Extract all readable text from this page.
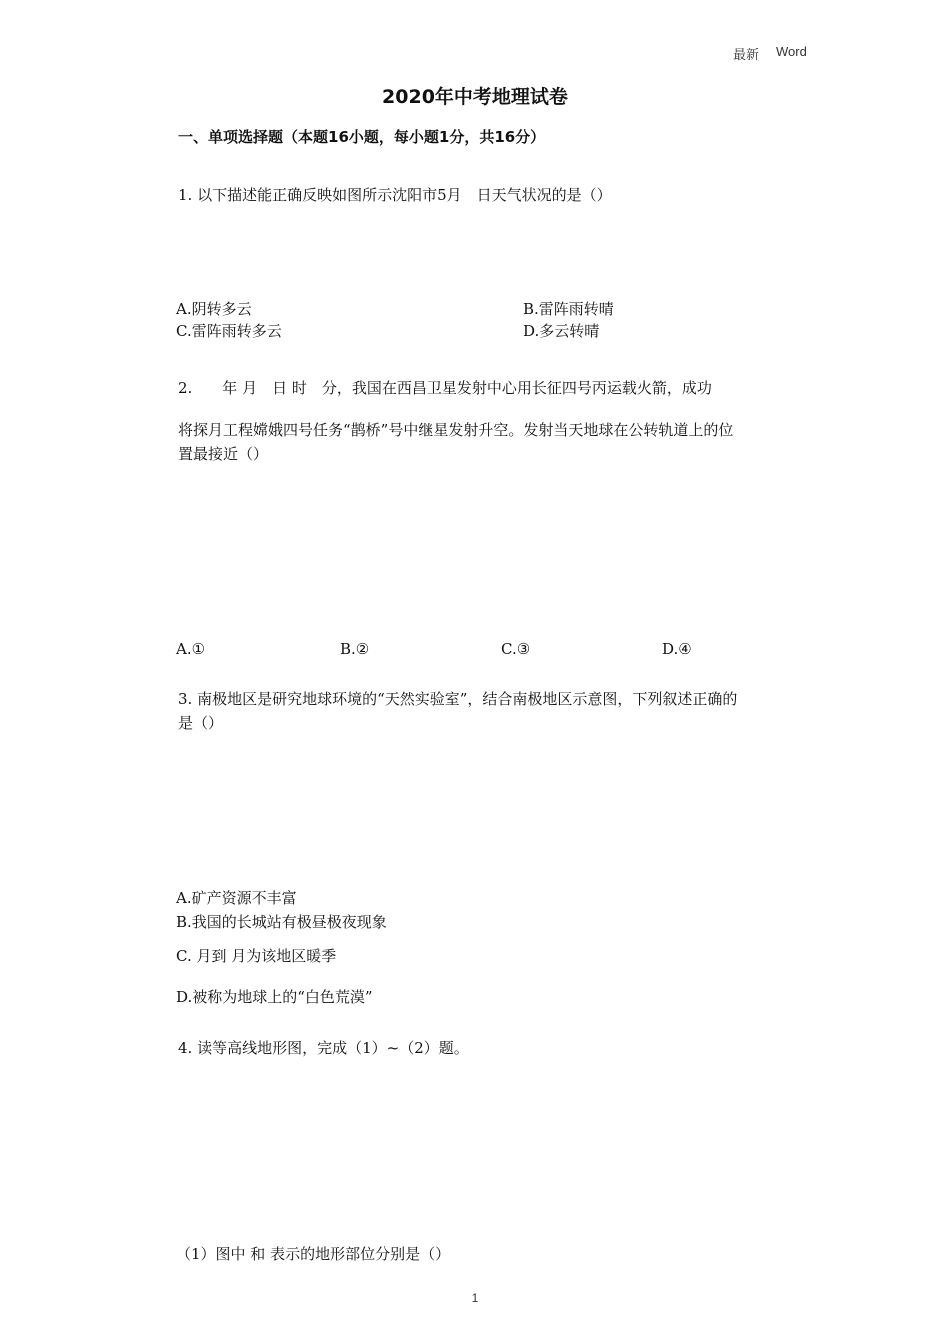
最新 Word
2020年中考地理试卷
一、单项选择题（本题16小题，每小题1分，共16分）
1. 以下描述能正确反映如图所示沈阳市5月　日天气状况的是（）
A.阴转多云	B.雷阵雨转晴
C.雷阵雨转多云	D.多云转晴
2.　　年 月　日 时　分，我国在西昌卫星发射中心用长征四号丙运载火箭，成功
将探月工程嫦娥四号任务“鹊桥”号中继星发射升空。发射当天地球在公转轨道上的位
置最接近（）
A.①	B.②	C.③	D.④
3. 南极地区是研究地球环境的“天然实验室”，结合南极地区示意图，下列叙述正确的
是（）
A.矿产资源不丰富
B.我国的长城站有极昼极夜现象
C. 月到 月为该地区暖季
D.被称为地球上的“白色荒漠”
4. 读等高线地形图，完成（1）~（2）题。
（1）图中 和 表示的地形部位分别是（）
1
